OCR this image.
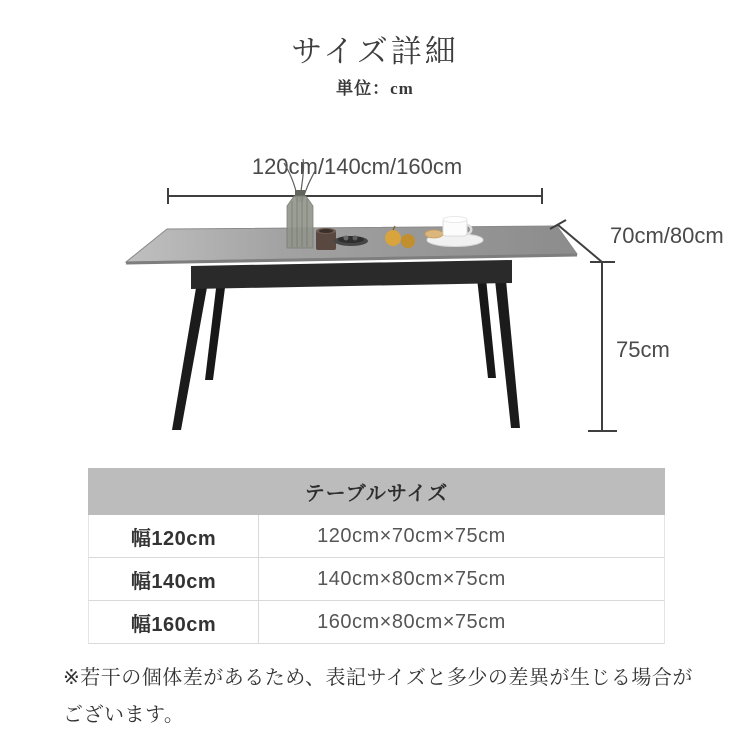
サイズ詳細
単位：cm
120cm/140cm/160cm
70cm/80cm
75cm
テーブルサイズ
幅120cm	120cm×70cm×75cm
幅140cm	140cm×80cm×75cm
幅160cm	160cm×80cm×75cm
※若干の個体差があるため、表記サイズと多少の差異が生じる場合がございます。
